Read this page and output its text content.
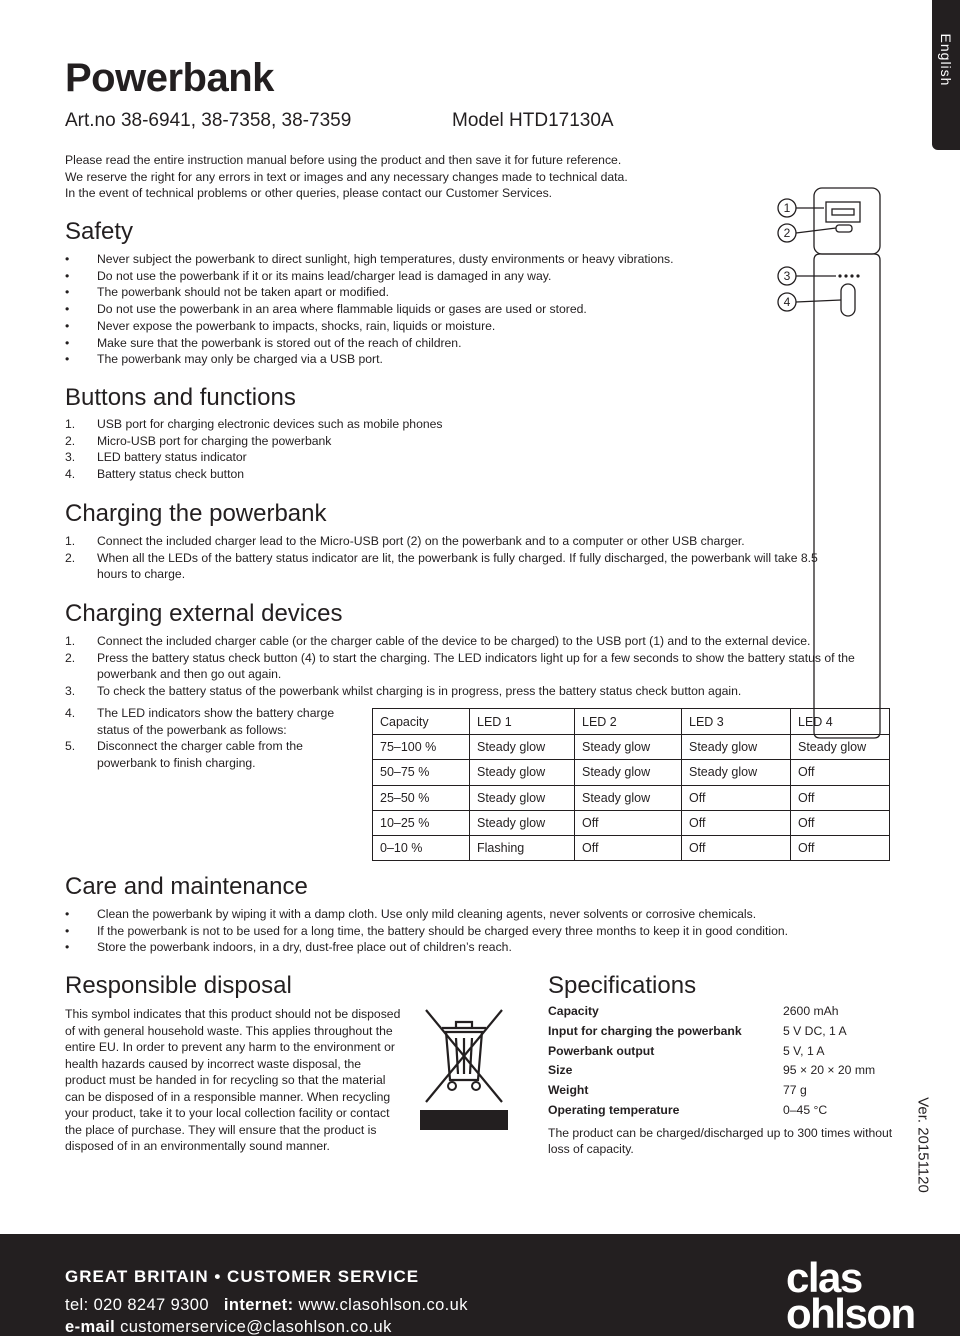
English
Powerbank
Art.no 38-6941, 38-7358, 38-7359	Model HTD17130A

Please read the entire instruction manual before using the product and then save it for future reference.

We reserve the right for any errors in text or images and any necessary changes made to technical data.

In the event of technical problems or other queries, please contact our Customer Services.

Safety
• Never subject the powerbank to direct sunlight, high temperatures, dusty environments or heavy vibrations.
• Do not use the powerbank if it or its mains lead/charger lead is damaged in any way.
• The powerbank should not be taken apart or modified.
• Do not use the powerbank in an area where flammable liquids or gases are used or stored.
• Never expose the powerbank to impacts, shocks, rain, liquids or moisture.
• Make sure that the powerbank is stored out of the reach of children.
• The powerbank may only be charged via a USB port.
1
2
3
4
Buttons and functions
1. USB port for charging electronic devices such as mobile phones
2. Micro-USB port for charging the powerbank
3. LED battery status indicator
4. Battery status check button
Charging the powerbank
1. Connect the included charger lead to the Micro-USB port (2) on the powerbank and to a computer or other USB charger.
2. When all the LEDs of the battery status indicator are lit, the powerbank is fully charged. If fully discharged, the powerbank will take 8.5 hours to charge.
Charging external devices
1. Connect the included charger cable (or the charger cable of the device to be charged) to the USB port (1) and to the external device.
2. Press the battery status check button (4) to start the charging. The LED indicators light up for a few seconds to show the battery status of the powerbank and then go out again.
3. To check the battery status of the powerbank whilst charging is in progress, press the battery status check button again.
4. The LED indicators show the battery charge status of the powerbank as follows:
5. Disconnect the charger cable from the powerbank to finish charging.
Capacity	LED 1	LED 2	LED 3	LED 4
75–100 %	Steady glow	Steady glow	Steady glow	Steady glow
50–75 %	Steady glow	Steady glow	Steady glow	Off
25–50 %	Steady glow	Steady glow	Off	Off
10–25 %	Steady glow	Off	Off	Off
0–10 %	Flashing	Off	Off	Off
Care and maintenance
• Clean the powerbank by wiping it with a damp cloth. Use only mild cleaning agents, never solvents or corrosive chemicals.
• If the powerbank is not to be used for a long time, the battery should be charged every three months to keep it in good condition.
• Store the powerbank indoors, in a dry, dust-free place out of children’s reach.
Responsible disposal
This symbol indicates that this product should not be disposed of with general household waste. This applies throughout the entire EU. In order to prevent any harm to the environment or health hazards caused by incorrect waste disposal, the product must be handed in for recycling so that the material can be disposed of in a responsible manner. When recycling your product, take it to your local collection facility or contact the place of purchase. They will ensure that the product is disposed of in an environmentally sound manner.
Specifications
Capacity	2600 mAh
Input for charging the powerbank	5 V DC, 1 A
Powerbank output	5 V, 1 A
Size	95 × 20 × 20 mm
Weight	77 g
Operating temperature	0–45 °C
The product can be charged/discharged up to 300 times without loss of capacity.	Ver. 20151120
GREAT BRITAIN • CUSTOMER SERVICE
tel: 020 8247 9300 internet: www.clasohlson.co.uk
e-mail customerservice@clasohlson.co.uk
clas
ohlson
